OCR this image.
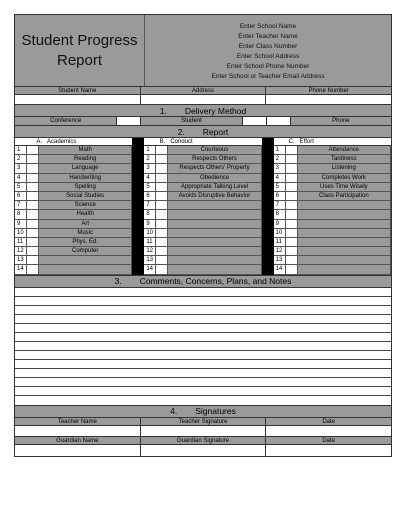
Student Progress
Report
Enter School Name
Enter Teacher Name
Enter Class Number
Enter School Address
Enter School Phone Number
Enter School or Teacher Email Address
Student Name	Address	Phone Number
1. Delivery Method
Conference	Student	Phone
2. Report
A. Academics
1	Math
2	Reading
3	Language
4	Handwriting
5	Spelling
6	Social Studies
7	Science
8	Health
9	Art
10	Music
11	Phys. Ed.
12	Computer
13
14
B. Conduct
1	Courteous
2	Respects Others
3	Respects Others' Property
4	Obedience
5	Appropriate Talking Level
6	Avoids Disruptive Behavior
7
8
9
10
11
12
13
14
C. Effort
1	Attendance
2	Tardiness
3	Listening
4	Completes Work
5	Uses Time Wisely
6	Class Participation
7
8
9
10
11
12
13
14
3. Comments, Concerns, Plans, and Notes
4. Signatures
Teacher Name	Teacher Signature	Date
Guardian Name	Guardian Signature	Date
